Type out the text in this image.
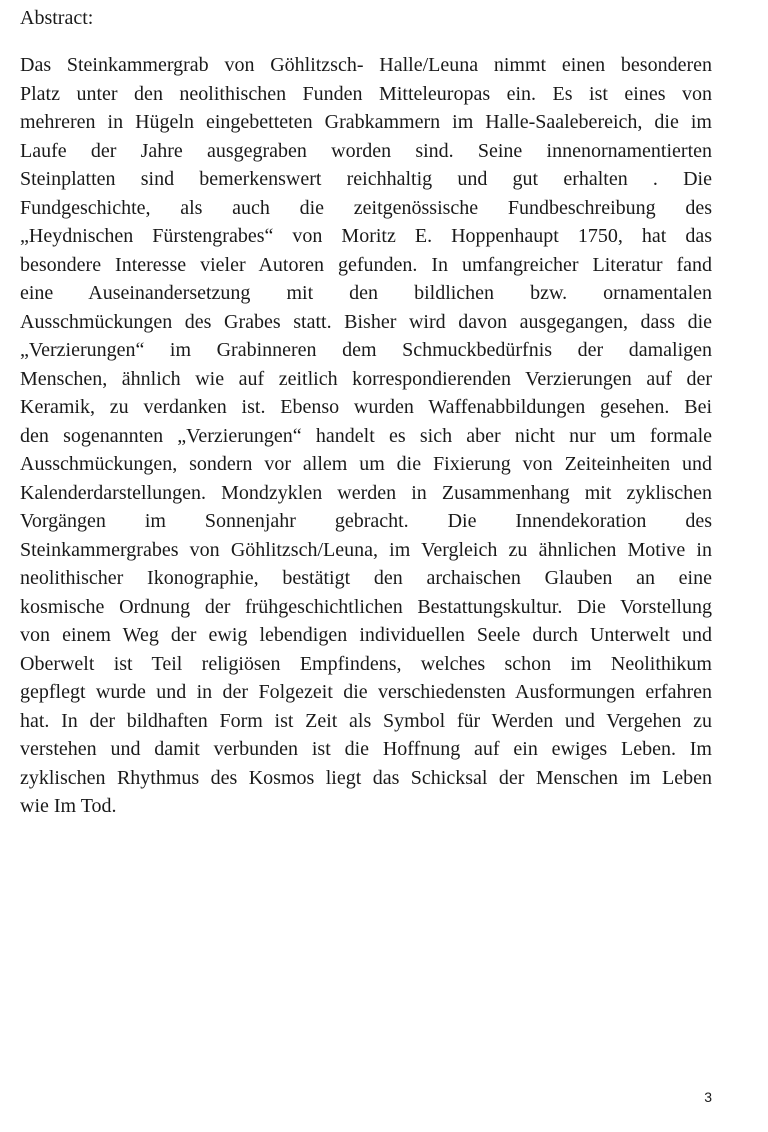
Abstract:
Das Steinkammergrab von Göhlitzsch- Halle/Leuna nimmt einen besonderen
Platz unter den neolithischen Funden Mitteleuropas ein. Es ist eines von
mehreren in Hügeln eingebetteten Grabkammern im Halle-Saalebereich, die im
Laufe der Jahre ausgegraben worden sind. Seine innenornamentierten
Steinplatten sind bemerkenswert reichhaltig und gut erhalten . Die
Fundgeschichte, als auch die zeitgenössische Fundbeschreibung des
„Heydnischen Fürstengrabes“ von Moritz E. Hoppenhaupt 1750, hat das
besondere Interesse vieler Autoren gefunden. In umfangreicher Literatur fand
eine Auseinandersetzung mit den bildlichen bzw. ornamentalen
Ausschmückungen des Grabes statt. Bisher wird davon ausgegangen, dass die
„Verzierungen“ im Grabinneren dem Schmuckbedürfnis der damaligen
Menschen, ähnlich wie auf zeitlich korrespondierenden Verzierungen auf der
Keramik, zu verdanken ist. Ebenso wurden Waffenabbildungen gesehen. Bei
den sogenannten „Verzierungen“ handelt es sich aber nicht nur um formale
Ausschmückungen, sondern vor allem um die Fixierung von Zeiteinheiten und
Kalenderdarstellungen. Mondzyklen werden in Zusammenhang mit zyklischen
Vorgängen im Sonnenjahr gebracht. Die Innendekoration des
Steinkammergrabes von Göhlitzsch/Leuna, im Vergleich zu ähnlichen Motive in
neolithischer Ikonographie, bestätigt den archaischen Glauben an eine
kosmische Ordnung der frühgeschichtlichen Bestattungskultur. Die Vorstellung
von einem Weg der ewig lebendigen individuellen Seele durch Unterwelt und
Oberwelt ist Teil religiösen Empfindens, welches schon im Neolithikum
gepflegt wurde und in der Folgezeit die verschiedensten Ausformungen erfahren
hat. In der bildhaften Form ist Zeit als Symbol für Werden und Vergehen zu
verstehen und damit verbunden ist die Hoffnung auf ein ewiges Leben. Im
zyklischen Rhythmus des Kosmos liegt das Schicksal der Menschen im Leben
wie Im Tod.
3
